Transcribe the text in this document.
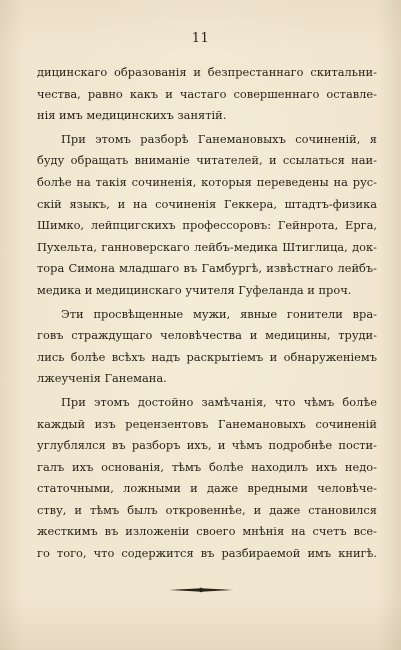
11
дицинскаго образованія и безпрестаннаго скитальни-
чества, равно какъ и частаго совершеннаго оставле-
нія имъ медицинскихъ занятій.
При этомъ разборѣ Ганемановыхъ сочиненій, я
буду обращать вниманіе читателей, и ссылаться наи-
болѣе на такія сочиненія, которыя переведены на рус-
скій языкъ, и на сочиненія Геккера, штадтъ-физика
Шимко, лейпцигскихъ профессоровъ: Гейнрота, Ерга,
Пухельта, ганноверскаго лейбъ-медика Штиглица, док-
тора Симона младшаго въ Гамбургѣ, извѣстнаго лейбъ-
медика и медицинскаго учителя Гуфеланда и проч.
Эти просвѣщенные мужи, явные гонители вра-
говъ страждущаго человѣчества и медицины, труди-
лись болѣе всѣхъ надъ раскрытіемъ и обнаруженіемъ
лжеученія Ганемана.
При этомъ достойно замѣчанія, что чѣмъ болѣе
каждый изъ рецензентовъ Ганемановыхъ сочиненій
углублялся въ разборъ ихъ, и чѣмъ подробнѣе пости-
галъ ихъ основанія, тѣмъ болѣе находилъ ихъ недо-
статочными, ложными и даже вредными человѣче-
ству, и тѣмъ былъ откровеннѣе, и даже становился
жесткимъ въ изложеніи своего мнѣнія на счетъ все-
го того, что содержится въ разбираемой имъ книгѣ.
